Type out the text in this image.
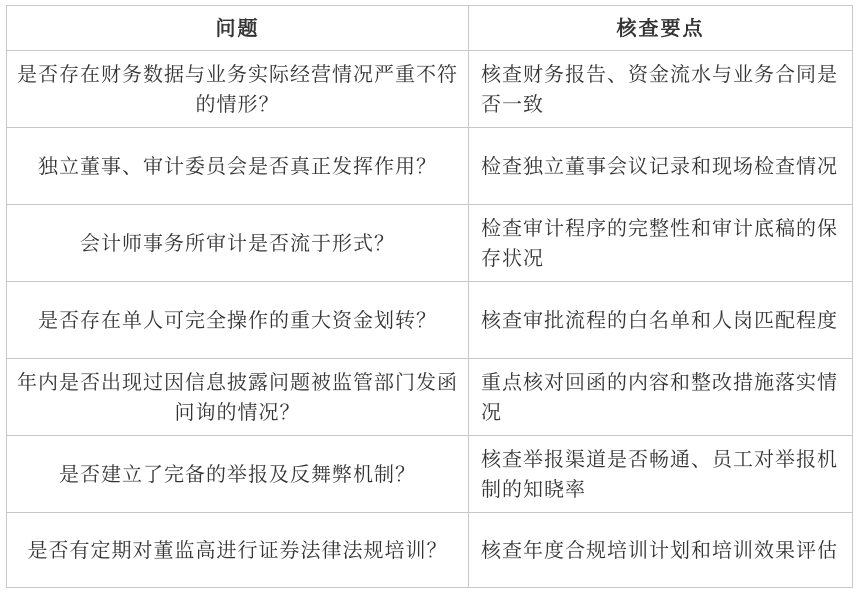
问题	核查要点
是否存在财务数据与业务实际经营情况严重不符的情形？	核查财务报告、资金流水与业务合同是否一致
独立董事、审计委员会是否真正发挥作用？	检查独立董事会议记录和现场检查情况
会计师事务所审计是否流于形式？	检查审计程序的完整性和审计底稿的保存状况
是否存在单人可完全操作的重大资金划转？	核查审批流程的白名单和人岗匹配程度
年内是否出现过因信息披露问题被监管部门发函问询的情况？	重点核对回函的内容和整改措施落实情况
是否建立了完备的举报及反舞弊机制？	核查举报渠道是否畅通、员工对举报机制的知晓率
是否有定期对董监高进行证券法律法规培训？	核查年度合规培训计划和培训效果评估
